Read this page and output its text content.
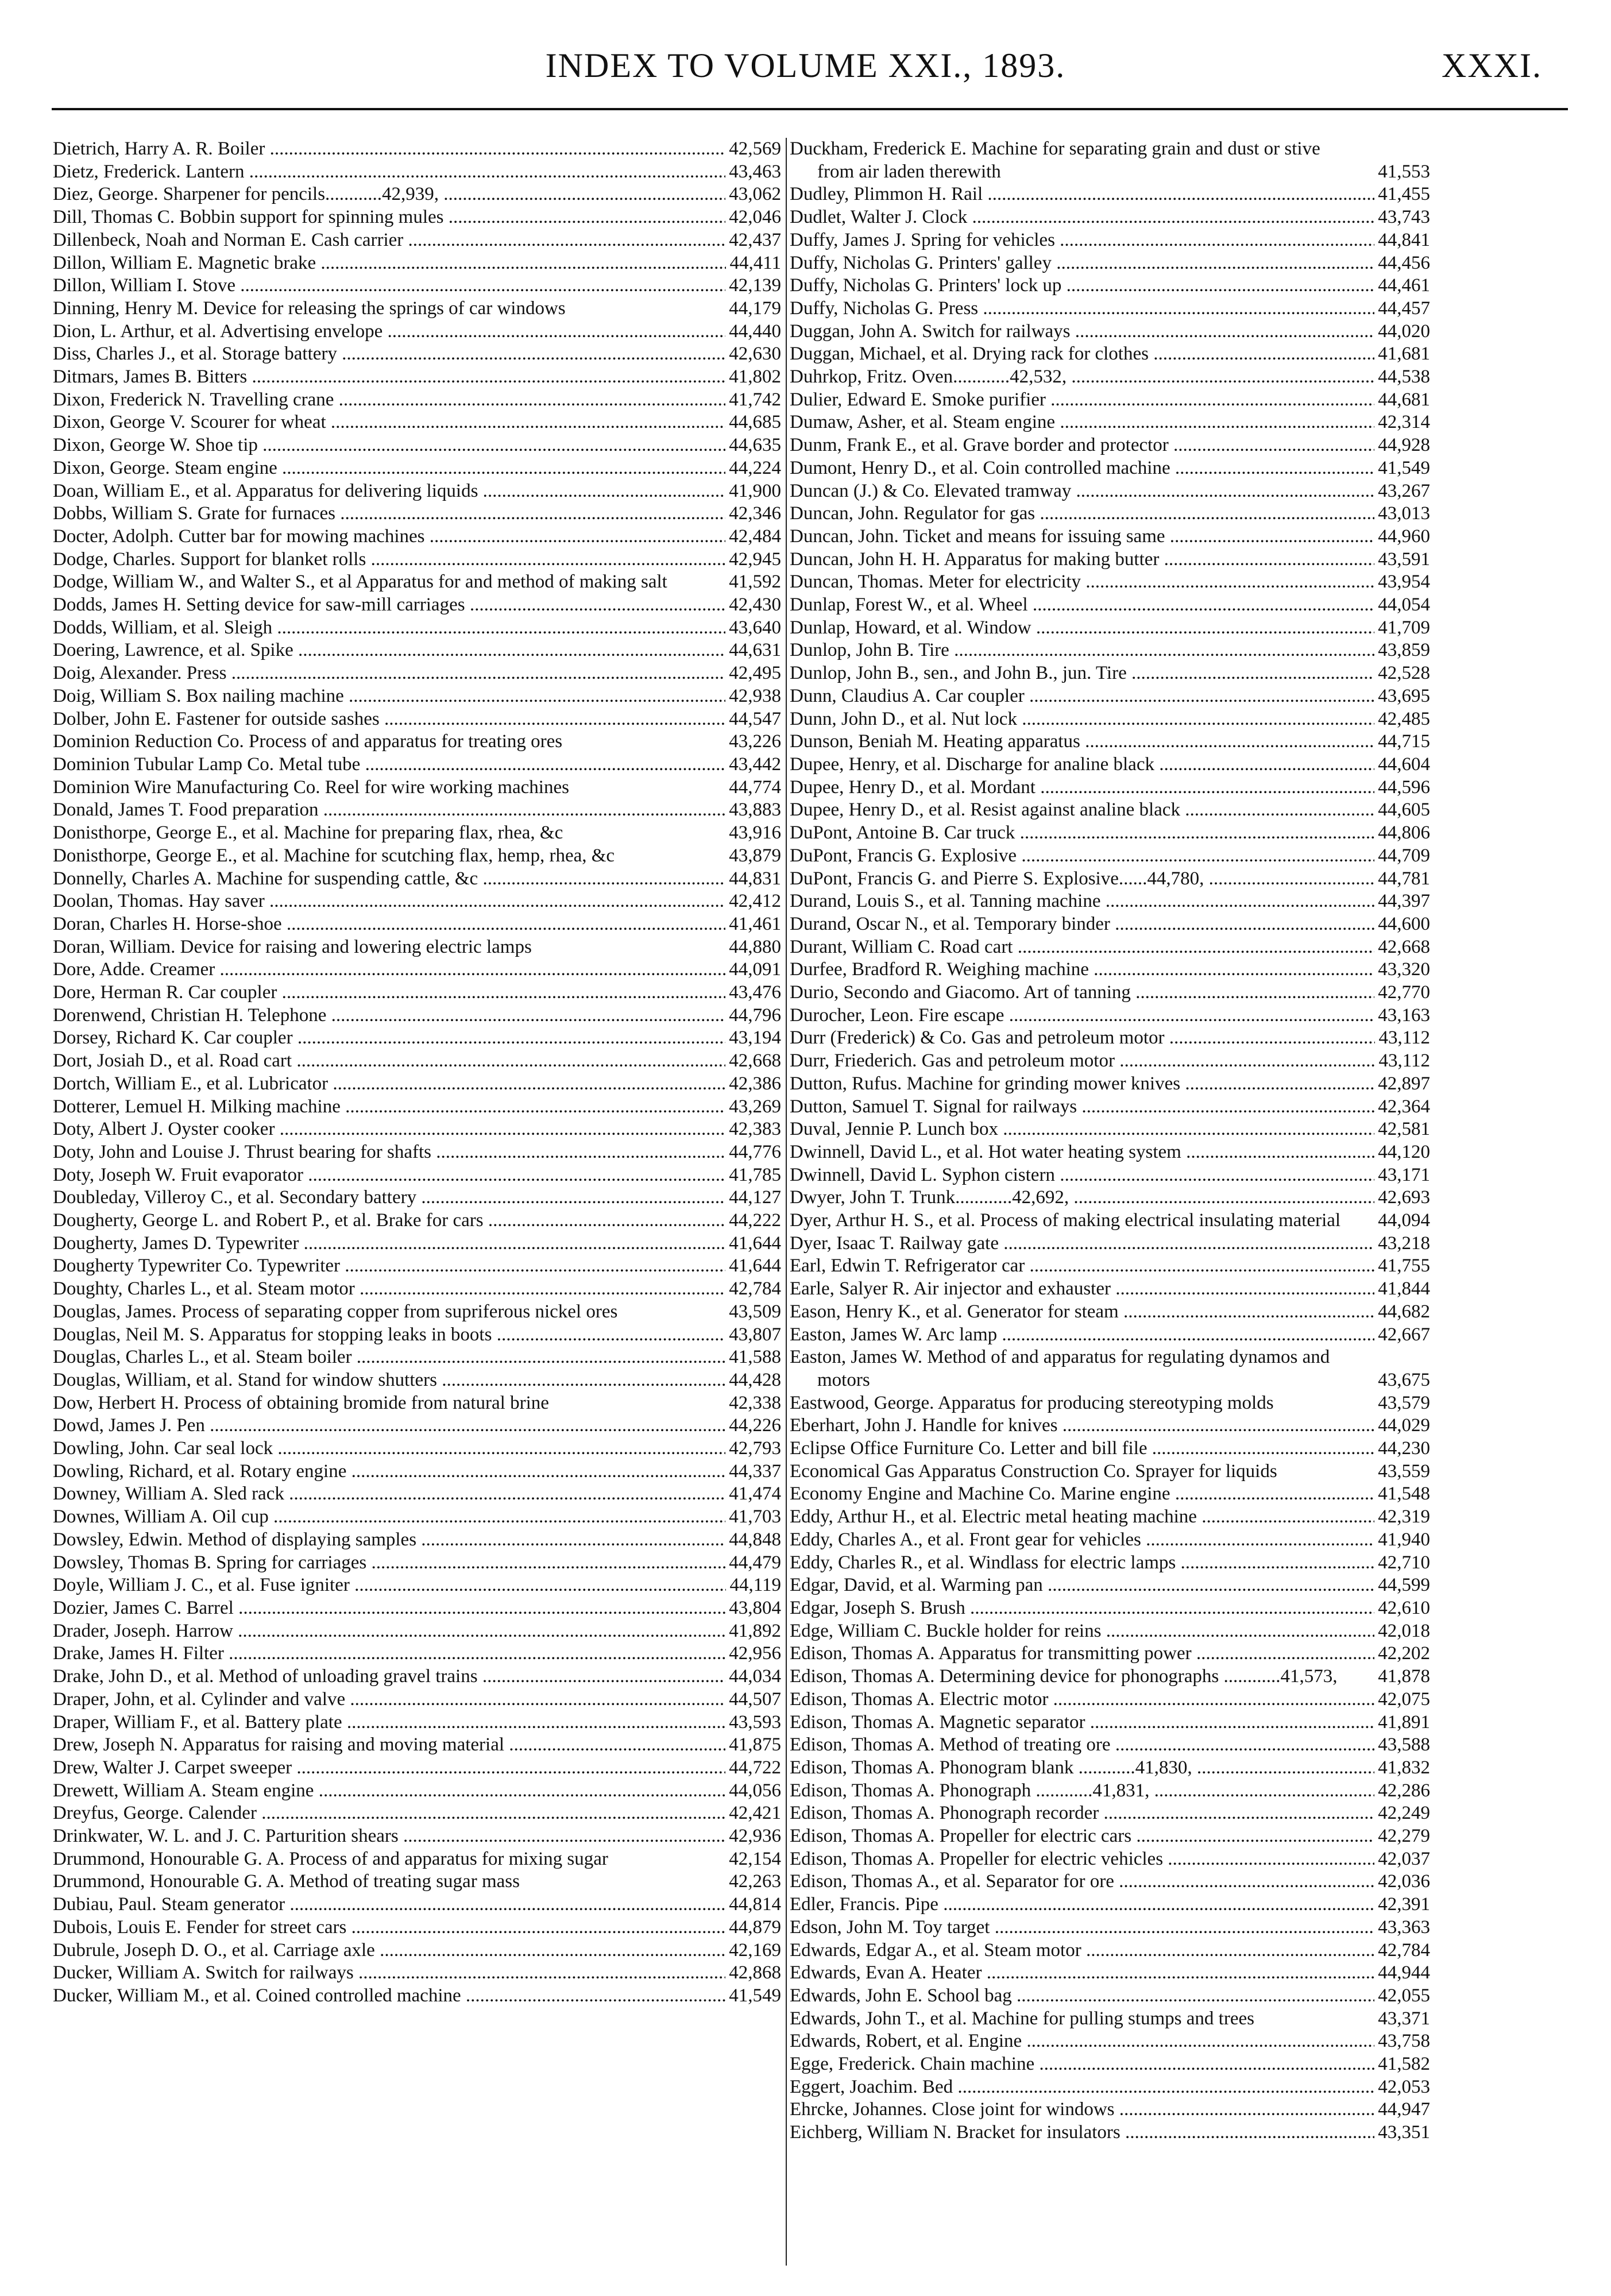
INDEX TO VOLUME XXI., 1893.	XXXI.
Dietrich, Harry A. R. Boiler .....	42,569
Dietz, Frederick. Lantern .....	43,463
Diez, George. Sharpener for pencils............42,939, .....	43,062
Dill, Thomas C. Bobbin support for spinning mules .....	42,046
Dillenbeck, Noah and Norman E. Cash carrier .....	42,437
Dillon, William E. Magnetic brake .....	44,411
Dillon, William I. Stove .....	42,139
Dinning, Henry M. Device for releasing the springs of car windows	44,179
Dion, L. Arthur, et al. Advertising envelope .....	44,440
Diss, Charles J., et al. Storage battery .....	42,630
Ditmars, James B. Bitters .....	41,802
Dixon, Frederick N. Travelling crane .....	41,742
Dixon, George V. Scourer for wheat .....	44,685
Dixon, George W. Shoe tip .....	44,635
Dixon, George. Steam engine .....	44,224
Doan, William E., et al. Apparatus for delivering liquids .....	41,900
Dobbs, William S. Grate for furnaces .....	42,346
Docter, Adolph. Cutter bar for mowing machines .....	42,484
Dodge, Charles. Support for blanket rolls .....	42,945
Dodge, William W., and Walter S., et al Apparatus for and method of making salt	41,592
Dodds, James H. Setting device for saw-mill carriages .....	42,430
Dodds, William, et al. Sleigh .....	43,640
Doering, Lawrence, et al. Spike .....	44,631
Doig, Alexander. Press .....	42,495
Doig, William S. Box nailing machine .....	42,938
Dolber, John E. Fastener for outside sashes .....	44,547
Dominion Reduction Co. Process of and apparatus for treating ores	43,226
Dominion Tubular Lamp Co. Metal tube .....	43,442
Dominion Wire Manufacturing Co. Reel for wire working machines	44,774
Donald, James T. Food preparation .....	43,883
Donisthorpe, George E., et al. Machine for preparing flax, rhea, &c	43,916
Donisthorpe, George E., et al. Machine for scutching flax, hemp, rhea, &c	43,879
Donnelly, Charles A. Machine for suspending cattle, &c .....	44,831
Doolan, Thomas. Hay saver .....	42,412
Doran, Charles H. Horse-shoe .....	41,461
Doran, William. Device for raising and lowering electric lamps	44,880
Dore, Adde. Creamer .....	44,091
Dore, Herman R. Car coupler .....	43,476
Dorenwend, Christian H. Telephone .....	44,796
Dorsey, Richard K. Car coupler .....	43,194
Dort, Josiah D., et al. Road cart .....	42,668
Dortch, William E., et al. Lubricator .....	42,386
Dotterer, Lemuel H. Milking machine .....	43,269
Doty, Albert J. Oyster cooker .....	42,383
Doty, John and Louise J. Thrust bearing for shafts .....	44,776
Doty, Joseph W. Fruit evaporator .....	41,785
Doubleday, Villeroy C., et al. Secondary battery .....	44,127
Dougherty, George L. and Robert P., et al. Brake for cars .....	44,222
Dougherty, James D. Typewriter .....	41,644
Dougherty Typewriter Co. Typewriter .....	41,644
Doughty, Charles L., et al. Steam motor .....	42,784
Douglas, James. Process of separating copper from supriferous nickel ores	43,509
Douglas, Neil M. S. Apparatus for stopping leaks in boots .....	43,807
Douglas, Charles L., et al. Steam boiler .....	41,588
Douglas, William, et al. Stand for window shutters .....	44,428
Dow, Herbert H. Process of obtaining bromide from natural brine	42,338
Dowd, James J. Pen .....	44,226
Dowling, John. Car seal lock .....	42,793
Dowling, Richard, et al. Rotary engine .....	44,337
Downey, William A. Sled rack .....	41,474
Downes, William A. Oil cup .....	41,703
Dowsley, Edwin. Method of displaying samples .....	44,848
Dowsley, Thomas B. Spring for carriages .....	44,479
Doyle, William J. C., et al. Fuse igniter .....	44,119
Dozier, James C. Barrel .....	43,804
Drader, Joseph. Harrow .....	41,892
Drake, James H. Filter .....	42,956
Drake, John D., et al. Method of unloading gravel trains .....	44,034
Draper, John, et al. Cylinder and valve .....	44,507
Draper, William F., et al. Battery plate .....	43,593
Drew, Joseph N. Apparatus for raising and moving material .....	41,875
Drew, Walter J. Carpet sweeper .....	44,722
Drewett, William A. Steam engine .....	44,056
Dreyfus, George. Calender .....	42,421
Drinkwater, W. L. and J. C. Parturition shears .....	42,936
Drummond, Honourable G. A. Process of and apparatus for mixing sugar	42,154
Drummond, Honourable G. A. Method of treating sugar mass	42,263
Dubiau, Paul. Steam generator .....	44,814
Dubois, Louis E. Fender for street cars .....	44,879
Dubrule, Joseph D. O., et al. Carriage axle .....	42,169
Ducker, William A. Switch for railways .....	42,868
Ducker, William M., et al. Coined controlled machine .....	41,549
Duckham, Frederick E. Machine for separating grain and dust or stive from air laden therewith	41,553
Dudley, Plimmon H. Rail .....	41,455
Dudlet, Walter J. Clock .....	43,743
Duffy, James J. Spring for vehicles .....	44,841
Duffy, Nicholas G. Printers' galley .....	44,456
Duffy, Nicholas G. Printers' lock up .....	44,461
Duffy, Nicholas G. Press .....	44,457
Duggan, John A. Switch for railways .....	44,020
Duggan, Michael, et al. Drying rack for clothes .....	41,681
Duhrkop, Fritz. Oven............42,532, .....	44,538
Dulier, Edward E. Smoke purifier .....	44,681
Dumaw, Asher, et al. Steam engine .....	42,314
Dunm, Frank E., et al. Grave border and protector .....	44,928
Dumont, Henry D., et al. Coin controlled machine .....	41,549
Duncan (J.) & Co. Elevated tramway .....	43,267
Duncan, John. Regulator for gas .....	43,013
Duncan, John. Ticket and means for issuing same .....	44,960
Duncan, John H. H. Apparatus for making butter .....	43,591
Duncan, Thomas. Meter for electricity .....	43,954
Dunlap, Forest W., et al. Wheel .....	44,054
Dunlap, Howard, et al. Window .....	41,709
Dunlop, John B. Tire .....	43,859
Dunlop, John B., sen., and John B., jun. Tire .....	42,528
Dunn, Claudius A. Car coupler .....	43,695
Dunn, John D., et al. Nut lock .....	42,485
Dunson, Beniah M. Heating apparatus .....	44,715
Dupee, Henry, et al. Discharge for analine black .....	44,604
Dupee, Henry D., et al. Mordant .....	44,596
Dupee, Henry D., et al. Resist against analine black .....	44,605
DuPont, Antoine B. Car truck .....	44,806
DuPont, Francis G. Explosive .....	44,709
DuPont, Francis G. and Pierre S. Explosive......44,780, .....	44,781
Durand, Louis S., et al. Tanning machine .....	44,397
Durand, Oscar N., et al. Temporary binder .....	44,600
Durant, William C. Road cart .....	42,668
Durfee, Bradford R. Weighing machine .....	43,320
Durio, Secondo and Giacomo. Art of tanning .....	42,770
Durocher, Leon. Fire escape .....	43,163
Durr (Frederick) & Co. Gas and petroleum motor .....	43,112
Durr, Friederich. Gas and petroleum motor .....	43,112
Dutton, Rufus. Machine for grinding mower knives .....	42,897
Dutton, Samuel T. Signal for railways .....	42,364
Duval, Jennie P. Lunch box .....	42,581
Dwinnell, David L., et al. Hot water heating system .....	44,120
Dwinnell, David L. Syphon cistern .....	43,171
Dwyer, John T. Trunk............42,692, .....	42,693
Dyer, Arthur H. S., et al. Process of making electrical insulating material	44,094
Dyer, Isaac T. Railway gate .....	43,218
Earl, Edwin T. Refrigerator car .....	41,755
Earle, Salyer R. Air injector and exhauster .....	41,844
Eason, Henry K., et al. Generator for steam .....	44,682
Easton, James W. Arc lamp .....	42,667
Easton, James W. Method of and apparatus for regulating dynamos and motors	43,675
Eastwood, George. Apparatus for producing stereotyping molds	43,579
Eberhart, John J. Handle for knives .....	44,029
Eclipse Office Furniture Co. Letter and bill file .....	44,230
Economical Gas Apparatus Construction Co. Sprayer for liquids	43,559
Economy Engine and Machine Co. Marine engine .....	41,548
Eddy, Arthur H., et al. Electric metal heating machine .....	42,319
Eddy, Charles A., et al. Front gear for vehicles .....	41,940
Eddy, Charles R., et al. Windlass for electric lamps .....	42,710
Edgar, David, et al. Warming pan .....	44,599
Edgar, Joseph S. Brush .....	42,610
Edge, William C. Buckle holder for reins .....	42,018
Edison, Thomas A. Apparatus for transmitting power .....	42,202
Edison, Thomas A. Determining device for phonographs ............41,573,	41,878
Edison, Thomas A. Electric motor .....	42,075
Edison, Thomas A. Magnetic separator .....	41,891
Edison, Thomas A. Method of treating ore .....	43,588
Edison, Thomas A. Phonogram blank ............41,830, .....	41,832
Edison, Thomas A. Phonograph ............41,831, .....	42,286
Edison, Thomas A. Phonograph recorder .....	42,249
Edison, Thomas A. Propeller for electric cars .....	42,279
Edison, Thomas A. Propeller for electric vehicles .....	42,037
Edison, Thomas A., et al. Separator for ore .....	42,036
Edler, Francis. Pipe .....	42,391
Edson, John M. Toy target .....	43,363
Edwards, Edgar A., et al. Steam motor .....	42,784
Edwards, Evan A. Heater .....	44,944
Edwards, John E. School bag .....	42,055
Edwards, John T., et al. Machine for pulling stumps and trees	43,371
Edwards, Robert, et al. Engine .....	43,758
Egge, Frederick. Chain machine .....	41,582
Eggert, Joachim. Bed .....	42,053
Ehrcke, Johannes. Close joint for windows .....	44,947
Eichberg, William N. Bracket for insulators .....	43,351
